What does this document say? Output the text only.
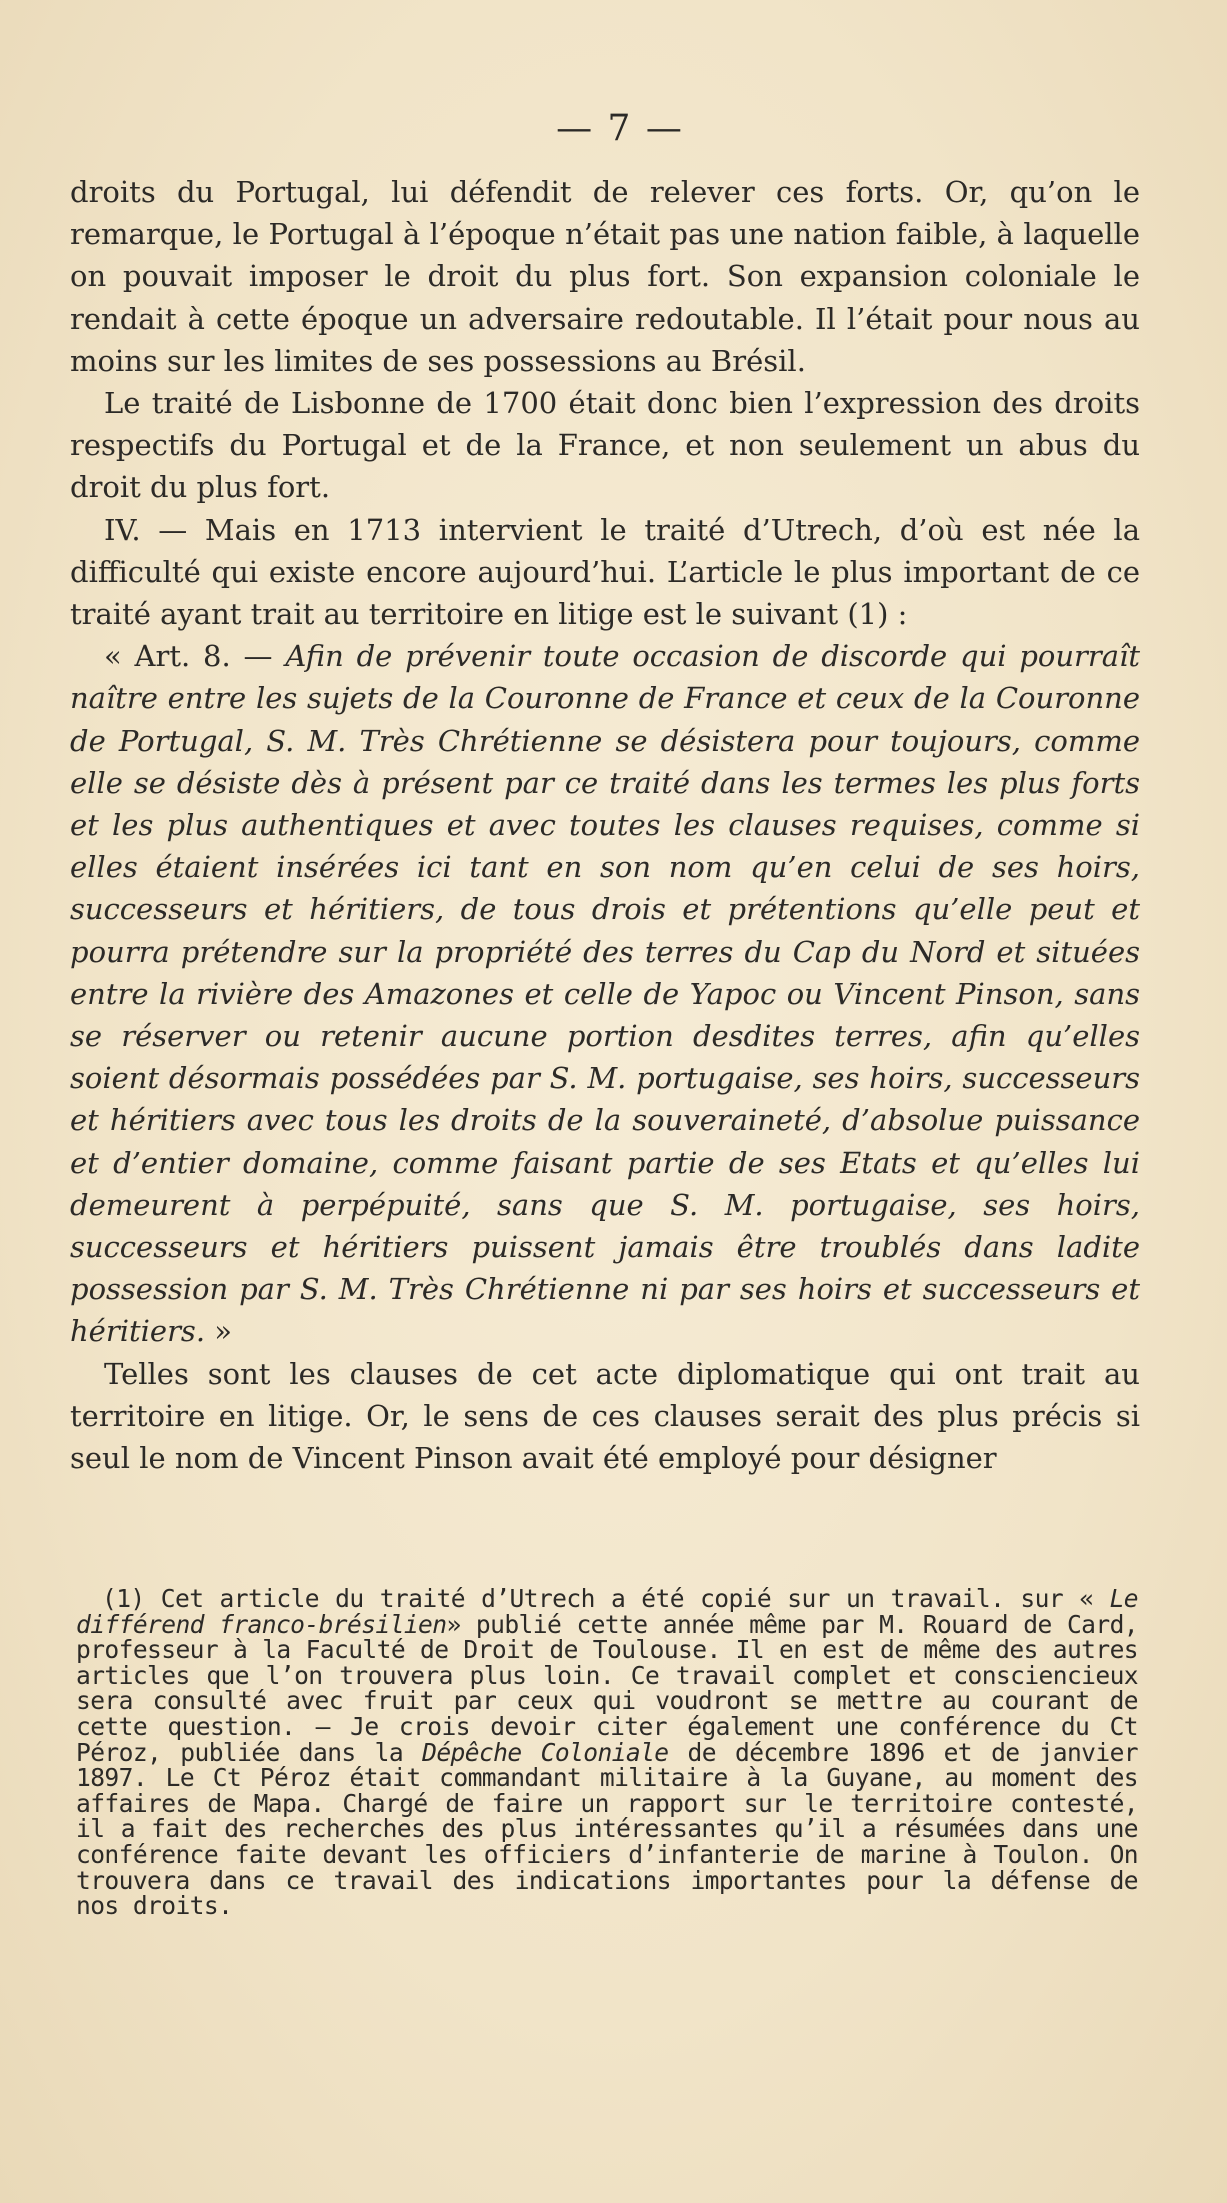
— 7 —

droits du Portugal, lui défendit de relever ces forts. Or, qu’on le remarque, le Portugal à l’époque n’était pas une nation faible, à laquelle on pouvait imposer le droit du plus fort. Son expansion coloniale le rendait à cette époque un adversaire redoutable. Il l’était pour nous au moins sur les limites de ses possessions au Brésil.

Le traité de Lisbonne de 1700 était donc bien l’expression des droits respectifs du Portugal et de la France, et non seulement un abus du droit du plus fort.

IV. — Mais en 1713 intervient le traité d’Utrech, d’où est née la difficulté qui existe encore aujourd’hui. L’article le plus important de ce traité ayant trait au territoire en litige est le suivant (1) :

« Art. 8. — Afin de prévenir toute occasion de discorde qui pourraît naître entre les sujets de la Couronne de France et ceux de la Couronne de Portugal, S. M. Très Chrétienne se désistera pour toujours, comme elle se désiste dès à présent par ce traité dans les termes les plus forts et les plus authentiques et avec toutes les clauses requises, comme si elles étaient insérées ici tant en son nom qu’en celui de ses hoirs, successeurs et héritiers, de tous drois et prétentions qu’elle peut et pourra prétendre sur la propriété des terres du Cap du Nord et situées entre la rivière des Amazones et celle de Yapoc ou Vincent Pinson, sans se réserver ou retenir aucune portion desdites terres, afin qu’elles soient désormais possédées par S. M. portugaise, ses hoirs, successeurs et héritiers avec tous les droits de la souveraineté, d’absolue puissance et d’entier domaine, comme faisant partie de ses Etats et qu’elles lui demeurent à perpépuité, sans que S. M. portugaise, ses hoirs, successeurs et héritiers puissent jamais être troublés dans ladite possession par S. M. Très Chrétienne ni par ses hoirs et successeurs et héritiers. »

Telles sont les clauses de cet acte diplomatique qui ont trait au territoire en litige. Or, le sens de ces clauses serait des plus précis si seul le nom de Vincent Pinson avait été employé pour désigner

(1) Cet article du traité d’Utrech a été copié sur un travail. sur « Le différend franco-brésilien» publié cette année même par M. Rouard de Card, professeur à la Faculté de Droit de Toulouse. Il en est de même des autres articles que l’on trouvera plus loin. Ce travail complet et consciencieux sera consulté avec fruit par ceux qui voudront se mettre au courant de cette question. — Je crois devoir citer également une conférence du Ct Péroz, publiée dans la Dépêche Coloniale de décembre 1896 et de janvier 1897. Le Ct Péroz était commandant militaire à la Guyane, au moment des affaires de Mapa. Chargé de faire un rapport sur le territoire contesté, il a fait des recherches des plus intéressantes qu’il a résumées dans une conférence faite devant les officiers d’infanterie de marine à Toulon. On trouvera dans ce travail des indications importantes pour la défense de nos droits.
